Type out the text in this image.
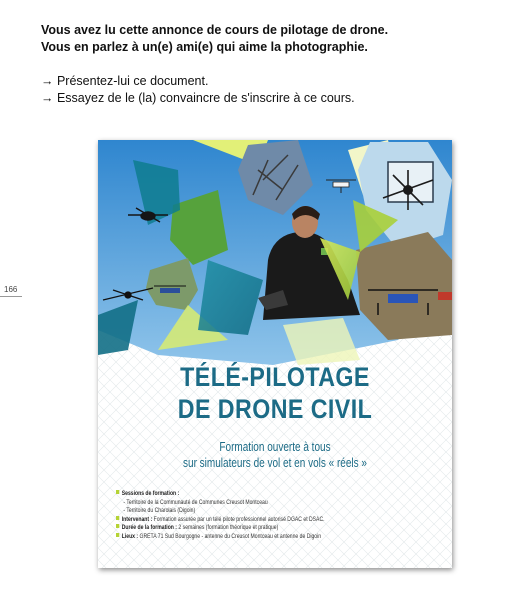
Vous avez lu cette annonce de cours de pilotage de drone.
Vous en parlez à un(e) ami(e) qui aime la photographie.
→ Présentez-lui ce document.
→ Essayez de le (la) convaincre de s'inscrire à ce cours.
166
TÉLÉ-PILOTAGE
DE DRONE CIVIL
Formation ouverte à tous
sur simulateurs de vol et en vols « réels »
Sessions de formation :
- Territoire de la Communauté de Communes Creusot Montceau
- Territoire du Charolais (Digoin)
Intervenant : Formation assurée par un télé pilote professionnel autorisé DGAC et DSAC.
Durée de la formation : 2 semaines (formation théorique et pratique)
Lieux : GRETA 71 Sud Bourgogne - antenne du Creusot Montceau et antenne de Digoin
